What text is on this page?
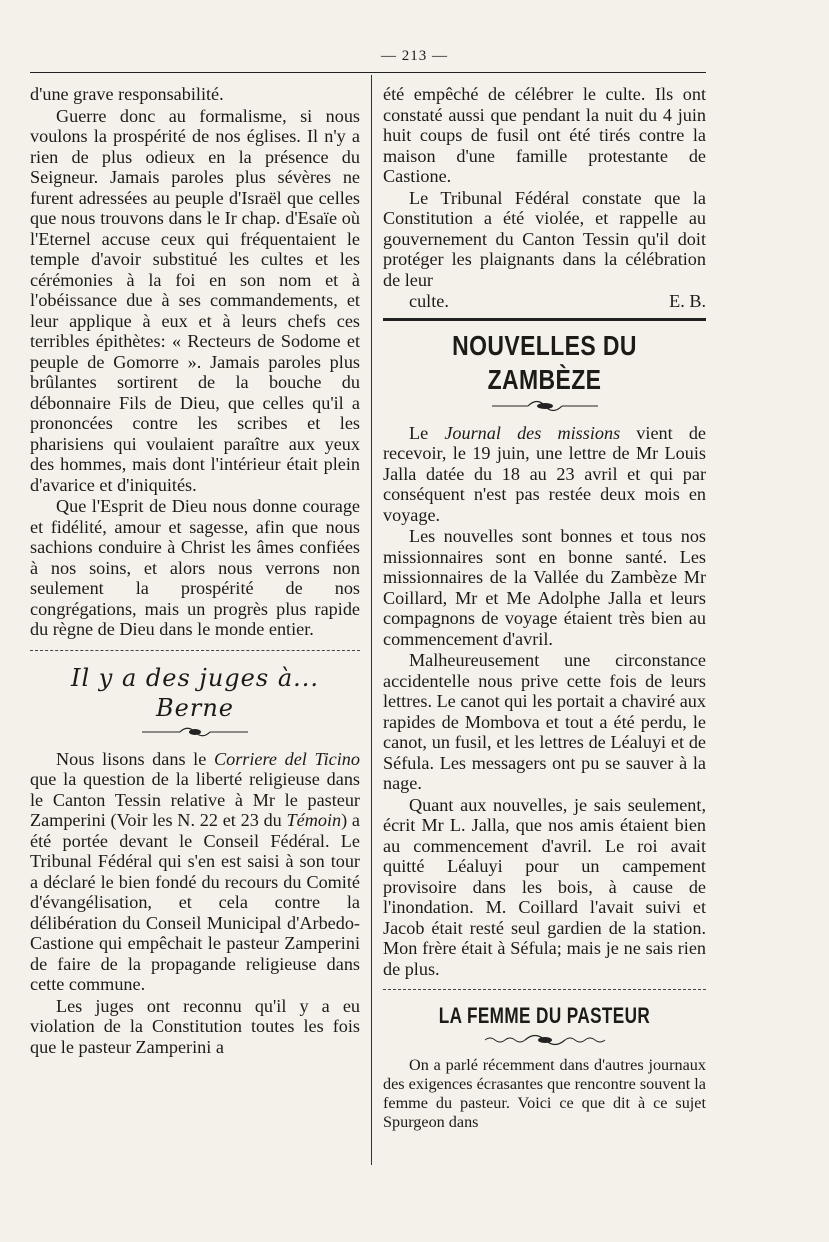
— 213 —

d'une grave responsabilité.

Guerre donc au formalisme, si nous voulons la prospérité de nos églises. Il n'y a rien de plus odieux en la présence du Seigneur. Jamais paroles plus sévères ne furent adressées au peuple d'Israël que celles que nous trouvons dans le Ir chap. d'Esaïe où l'Eternel accuse ceux qui fréquentaient le temple d'avoir substitué les cultes et les cérémonies à la foi en son nom et à l'obéissance due à ses commandements, et leur applique à eux et à leurs chefs ces terribles épithètes: « Recteurs de Sodome et peuple de Gomorre ». Jamais paroles plus brûlantes sortirent de la bouche du débonnaire Fils de Dieu, que celles qu'il a prononcées contre les scribes et les pharisiens qui voulaient paraître aux yeux des hommes, mais dont l'intérieur était plein d'avarice et d'iniquités.

Que l'Esprit de Dieu nous donne courage et fidélité, amour et sagesse, afin que nous sachions conduire à Christ les âmes confiées à nos soins, et alors nous verrons non seulement la prospérité de nos congrégations, mais un progrès plus rapide du règne de Dieu dans le monde entier.

Il y a des juges à... Berne

Nous lisons dans le Corriere del Ticino que la question de la liberté religieuse dans le Canton Tessin relative à Mr le pasteur Zamperini (Voir les N. 22 et 23 du Témoin) a été portée devant le Conseil Fédéral. Le Tribunal Fédéral qui s'en est saisi à son tour a déclaré le bien fondé du recours du Comité d'évangélisation, et cela contre la délibération du Conseil Municipal d'Arbedo-Castione qui empêchait le pasteur Zamperini de faire de la propagande religieuse dans cette commune.

Les juges ont reconnu qu'il y a eu violation de la Constitution toutes les fois que le pasteur Zamperini a

été empêché de célébrer le culte. Ils ont constaté aussi que pendant la nuit du 4 juin huit coups de fusil ont été tirés contre la maison d'une famille protestante de Castione.

Le Tribunal Fédéral constate que la Constitution a été violée, et rappelle au gouvernement du Canton Tessin qu'il doit protéger les plaignants dans la célébration de leur

culte.	E. B.

NOUVELLES DU ZAMBÈZE

Le Journal des missions vient de recevoir, le 19 juin, une lettre de Mr Louis Jalla datée du 18 au 23 avril et qui par conséquent n'est pas restée deux mois en voyage.

Les nouvelles sont bonnes et tous nos missionnaires sont en bonne santé. Les missionnaires de la Vallée du Zambèze Mr Coillard, Mr et Me Adolphe Jalla et leurs compagnons de voyage étaient très bien au commencement d'avril.

Malheureusement une circonstance accidentelle nous prive cette fois de leurs lettres. Le canot qui les portait a chaviré aux rapides de Mombova et tout a été perdu, le canot, un fusil, et les lettres de Léaluyi et de Séfula. Les messagers ont pu se sauver à la nage.

Quant aux nouvelles, je sais seulement, écrit Mr L. Jalla, que nos amis étaient bien au commencement d'avril. Le roi avait quitté Léaluyi pour un campement provisoire dans les bois, à cause de l'inondation. M. Coillard l'avait suivi et Jacob était resté seul gardien de la station. Mon frère était à Séfula; mais je ne sais rien de plus.

LA FEMME DU PASTEUR

On a parlé récemment dans d'autres journaux des exigences écrasantes que rencontre souvent la femme du pasteur. Voici ce que dit à ce sujet Spurgeon dans
